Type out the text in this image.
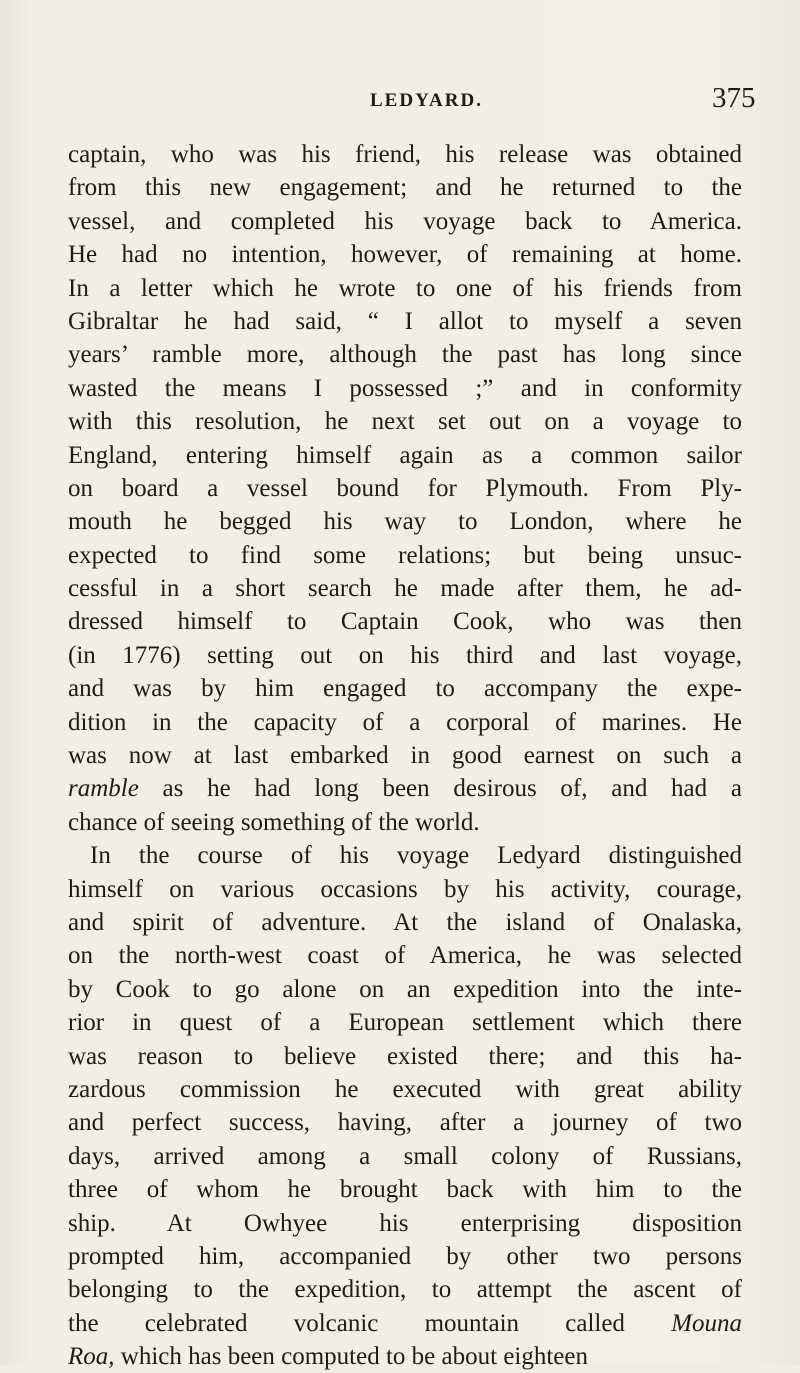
LEDYARD.	375
captain, who was his friend, his release was obtained
from this new engagement; and he returned to the
vessel, and completed his voyage back to America.
He had no intention, however, of remaining at home.
In a letter which he wrote to one of his friends from
Gibraltar he had said, “ I allot to myself a seven
years’ ramble more, although the past has long since
wasted the means I possessed ;” and in conformity
with this resolution, he next set out on a voyage to
England, entering himself again as a common sailor
on board a vessel bound for Plymouth. From Ply-
mouth he begged his way to London, where he
expected to find some relations; but being unsuc-
cessful in a short search he made after them, he ad-
dressed himself to Captain Cook, who was then
(in 1776) setting out on his third and last voyage,
and was by him engaged to accompany the expe-
dition in the capacity of a corporal of marines. He
was now at last embarked in good earnest on such a
ramble as he had long been desirous of, and had a
chance of seeing something of the world.
In the course of his voyage Ledyard distinguished
himself on various occasions by his activity, courage,
and spirit of adventure. At the island of Onalaska,
on the north-west coast of America, he was selected
by Cook to go alone on an expedition into the inte-
rior in quest of a European settlement which there
was reason to believe existed there; and this ha-
zardous commission he executed with great ability
and perfect success, having, after a journey of two
days, arrived among a small colony of Russians,
three of whom he brought back with him to the
ship. At Owhyee his enterprising disposition
prompted him, accompanied by other two persons
belonging to the expedition, to attempt the ascent of
the celebrated volcanic mountain called Mouna
Roa, which has been computed to be about eighteen
